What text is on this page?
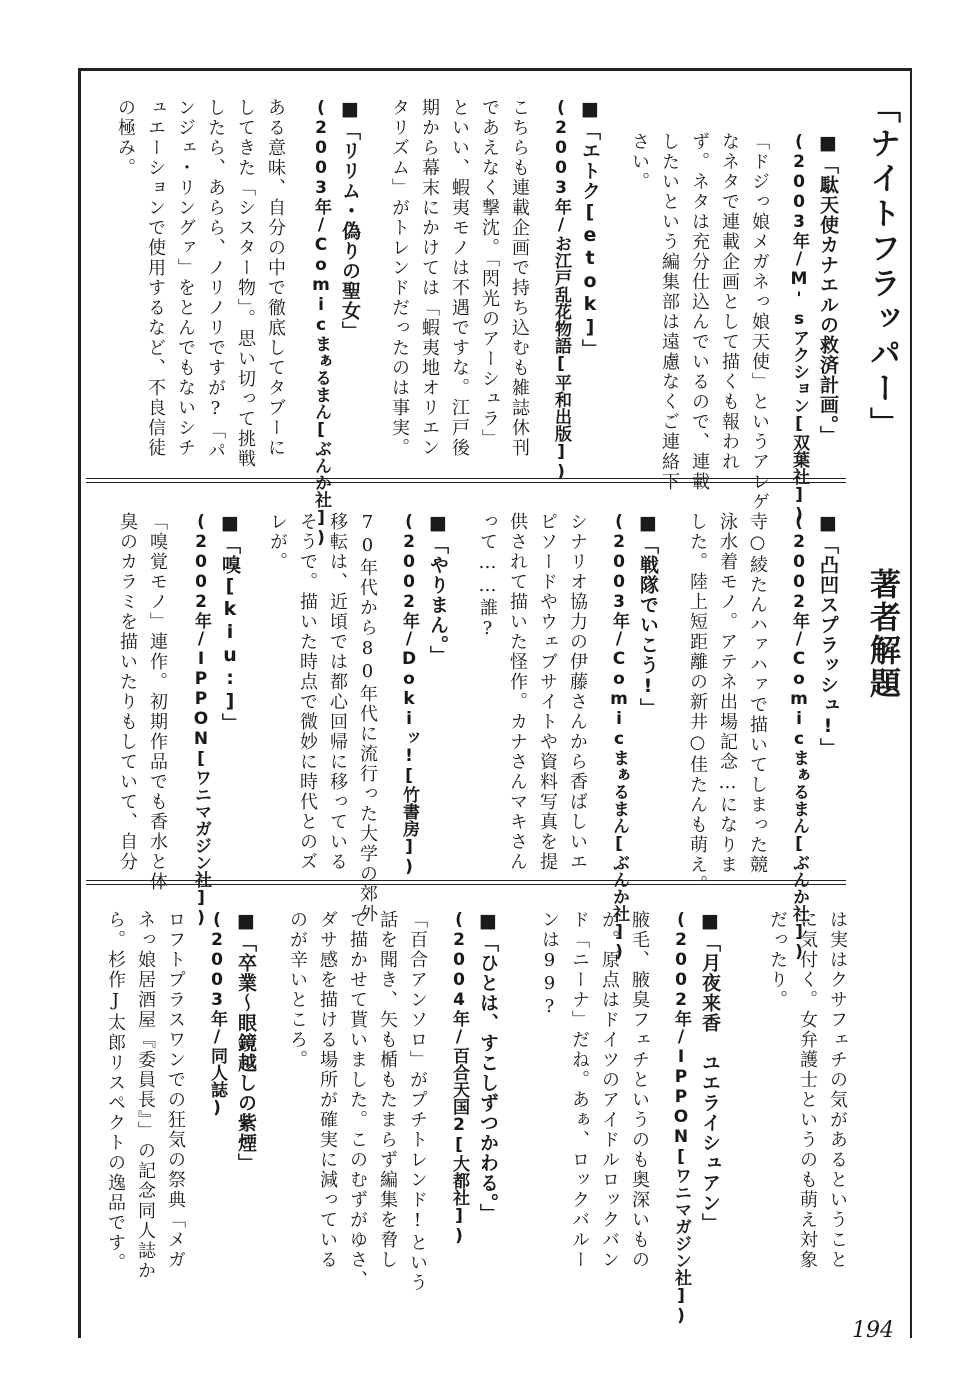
「ナイトフラッパー」
著者解題
■「駄天使カナエルの救済計画。」
(2003年/M'sアクション[双葉社])
「ドジっ娘メガネっ娘天使」というアレゲ
なネタで連載企画として描くも報われ
ず。ネタは充分仕込んでいるので、連載
したいという編集部は遠慮なくご連絡下
さい。
■「エトク[etok]」
(2003年/お江戸乱花物語[平和出版])
こちらも連載企画で持ち込むも雑誌休刊
であえなく撃沈。「閃光のアーシュラ」
といい、蝦夷モノは不遇ですな。江戸後
期から幕末にかけては「蝦夷地オリエン
タリズム」がトレンドだったのは事実。
■「リリム・偽りの聖女」
(2003年/Comicまぁるまん[ぶんか社])
ある意味、自分の中で徹底してタブーに
してきた「シスター物」。思い切って挑戦
したら、あらら、ノリノリですが?「パ
ンジェ・リングァ」をとんでもないシチ
ュエーションで使用するなど、不良信徒
の極み。
■「凸凹スプラッシュ!」
(2002年/Comicまぁるまん[ぶんか社])
寺○綾たんハァハァで描いてしまった競
泳水着モノ。アテネ出場記念…になりま
した。陸上短距離の新井○佳たんも萌え。
■「戦隊でいこう!」
(2003年/Comicまぁるまん[ぶんか社])
シナリオ協力の伊藤さんから香ばしいエ
ピソードやウェブサイトや資料写真を提
供されて描いた怪作。カナさんマキさん
って……誰?
■「やりまん。」
(2002年/Dokiッ![竹書房])
70年代から80年代に流行った大学の郊外
移転は、近頃では都心回帰に移っている
そうで。描いた時点で微妙に時代とのズ
レが。
■「嗅[kiu:]」
(2002年/IPPON[ワニマガジン社])
「嗅覚モノ」連作。初期作品でも香水と体
臭のカラミを描いたりもしていて、自分
は実はクサフェチの気があるということ
に気付く。女弁護士というのも萌え対象
だったり。
■「月夜来香　ユエライシュアン」
(2002年/IPPON[ワニマガジン社])
腋毛、腋臭フェチというのも奥深いもの
が。原点はドイツのアイドルロックバン
ド「ニーナ」だね。あぁ、ロックバルー
ンは99?
■「ひとは、すこしずつかわる。」
(2004年/百合天国2[大都社])
「百合アンソロ」がプチトレンド!という
話を聞き、矢も楯もたまらず編集を脅し
て描かせて貰いました。このむずがゆさ、
ダサ感を描ける場所が確実に減っている
のが辛いところ。
■「卒業〜眼鏡越しの紫煙」
(2003年/同人誌)
ロフトプラスワンでの狂気の祭典「メガ
ネっ娘居酒屋『委員長』」の記念同人誌か
ら。杉作J太郎リスペクトの逸品です。
194
